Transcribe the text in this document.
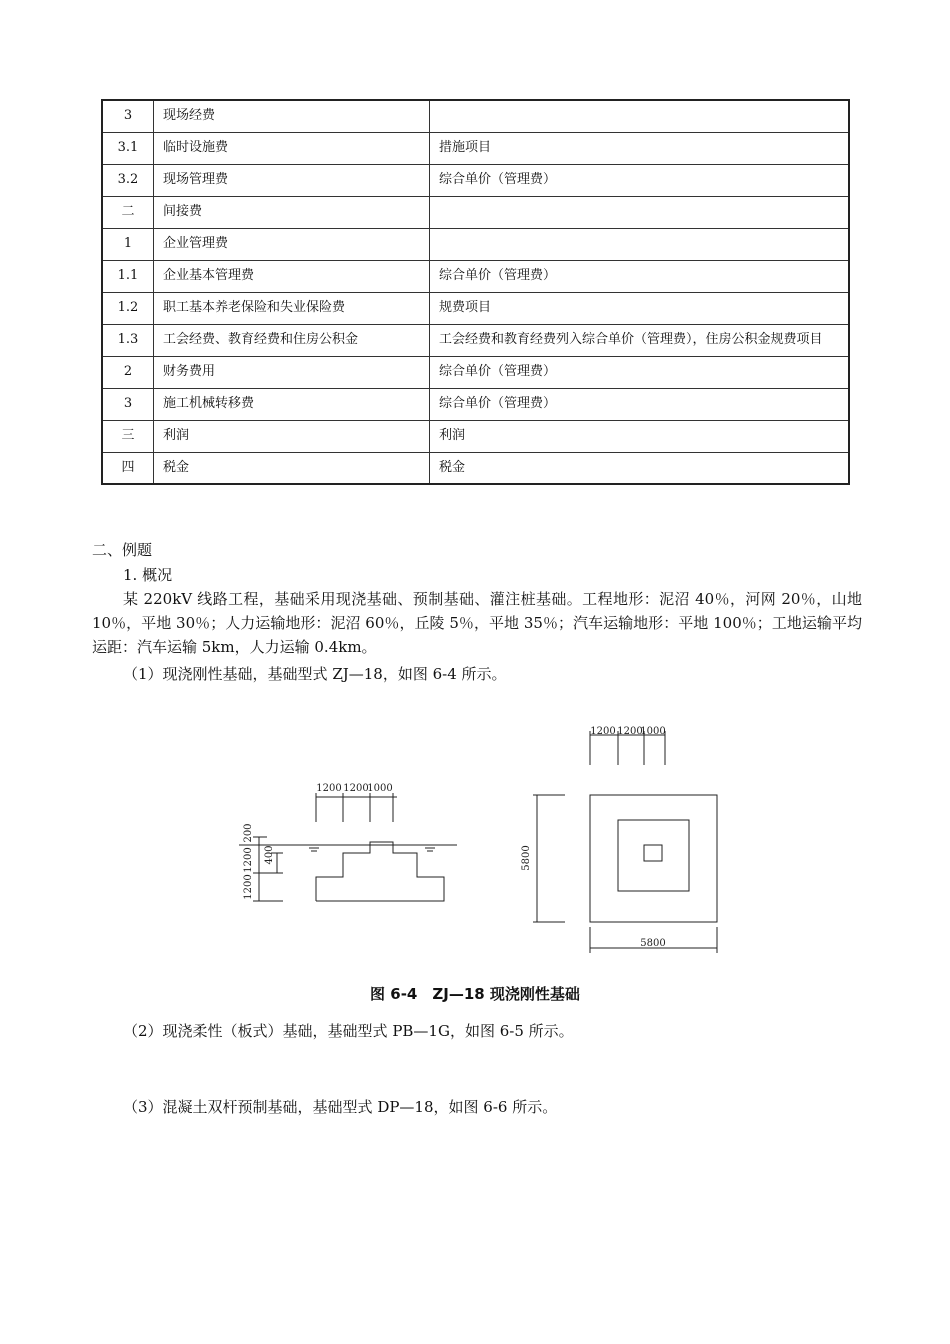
3	现场经费	
3.1	临时设施费	措施项目
3.2	现场管理费	综合单价（管理费）
二	间接费	
1	企业管理费	
1.1	企业基本管理费	综合单价（管理费）
1.2	职工基本养老保险和失业保险费	规费项目
1.3	工会经费、教育经费和住房公积金	工会经费和教育经费列入综合单价（管理费），住房公积金规费项目
2	财务费用	综合单价（管理费）
3	施工机械转移费	综合单价（管理费）
三	利润	利润
四	税金	税金
二、例题
1. 概况
某 220kV 线路工程，基础采用现浇基础、预制基础、灌注桩基础。工程地形：泥沼 40％，河网 20％，山地 10％，平地 30％；人力运输地形：泥沼 60％，丘陵 5％，平地 35％；汽车运输地形：平地 100％；工地运输平均运距：汽车运输 5km，人力运输 0.4km。
（1）现浇刚性基础，基础型式 ZJ—18，如图 6-4 所示。
1200 1200
1000
200
1200 400
1200
1200 1200
1000
5800
5800
图 6-4　ZJ—18 现浇刚性基础
（2）现浇柔性（板式）基础，基础型式 PB—1G，如图 6-5 所示。
（3）混凝土双杆预制基础，基础型式 DP—18，如图 6-6 所示。
